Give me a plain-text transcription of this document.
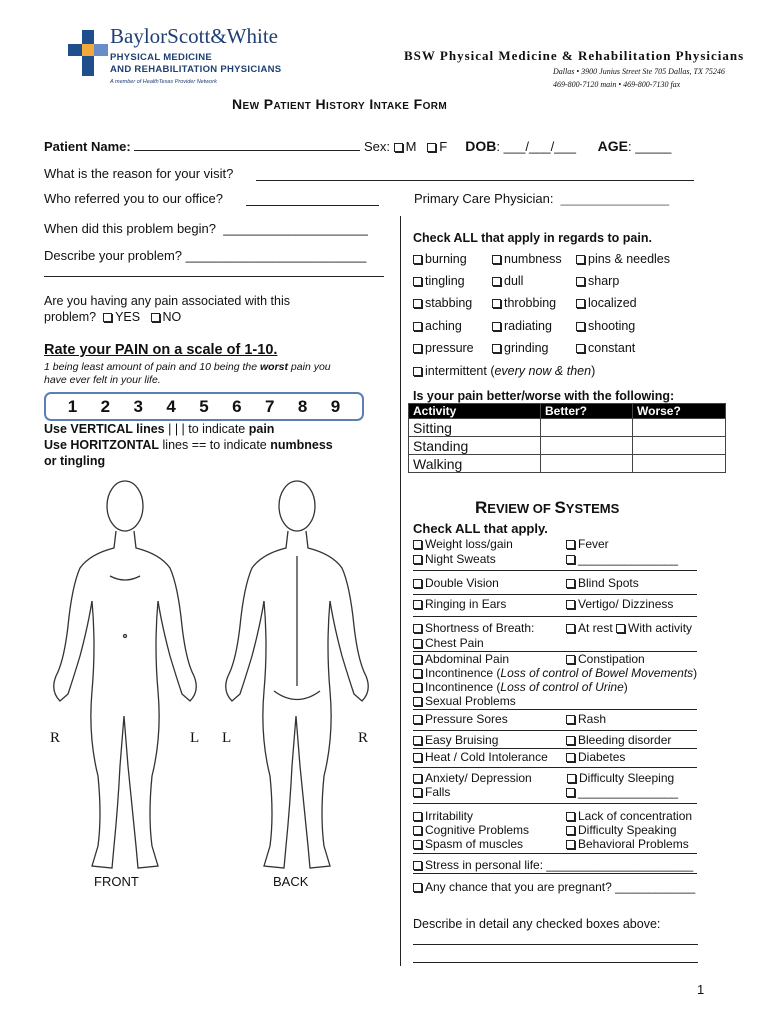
BaylorScott&White
PHYSICAL MEDICINE
AND REHABILITATION PHYSICIANS
A member of HealthTexas Provider Network
BSW Physical Medicine & Rehabilitation Physicians
Dallas • 3900 Junius Street Ste 705 Dallas, TX 75246
469-800-7120 main • 469-800-7130 fax
New Patient History Intake Form
Patient Name:	Sex: M F DOB: ___/___/___ AGE: _____
What is the reason for your visit?
Who referred you to our office?	Primary Care Physician: _______________
When did this problem begin? ____________________
Describe your problem? _________________________
Are you having any pain associated with this
problem? YES NO
Rate your PAIN on a scale of 1-10.
1 being least amount of pain and 10 being the worst pain you
have ever felt in your life.
1 2 3 4 5 6 7 8 9
Use VERTICAL lines | | | to indicate pain
Use HORITZONTAL lines == to indicate numbness
or tingling
R	L L	R
FRONT	BACK
Check ALL that apply in regards to pain.
burning	numbness	pins & needles
tingling	dull	sharp
stabbing	throbbing	localized
aching	radiating	shooting
pressure	grinding	constant
intermittent (every now & then)
Is your pain better/worse with the following:
Activity	Better?	Worse?
Sitting		
Standing		
Walking		
REVIEW OF SYSTEMS
Check ALL that apply.
Weight loss/gain	Fever
Night Sweats	_______________
Double Vision	Blind Spots
Ringing in Ears	Vertigo/ Dizziness
Shortness of Breath:	At rest With activity
Chest Pain
Abdominal Pain	Constipation
Incontinence (Loss of control of Bowel Movements)
Incontinence (Loss of control of Urine)
Sexual Problems
Pressure Sores	Rash
Easy Bruising	Bleeding disorder
Heat / Cold Intolerance	Diabetes
Anxiety/ Depression	Difficulty Sleeping
Falls	_______________
Irritability	Lack of concentration
Cognitive Problems	Difficulty Speaking
Spasm of muscles	Behavioral Problems
Stress in personal life: ______________________
Any chance that you are pregnant? ____________
Describe in detail any checked boxes above:
1
